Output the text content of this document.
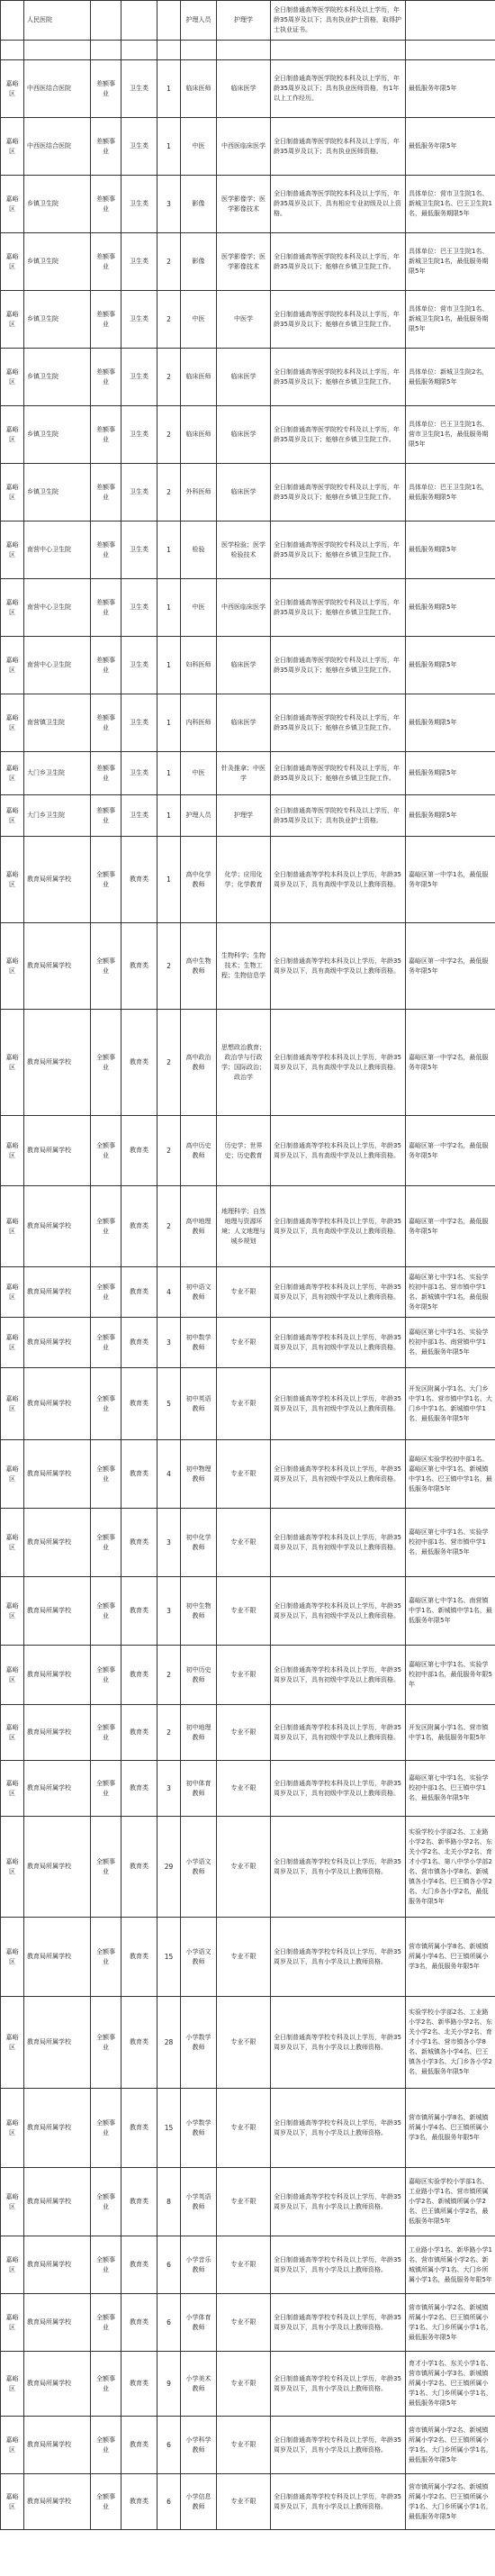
	人民医院				护理人员	护理学	全日制普通高等医学院校本科及以上学历，年龄35周岁及以下；具有执业护士资格，取得护士执业证书。	

嘉峪区	中西医结合医院	差额事业	卫生类	1	临床医师	临床医学	全日制普通高等医学院校本科及以上学历，年龄35周岁及以下；具有执业医师资格，有1年以上工作经历。	最低服务年限5年
嘉峪区	中西医结合医院	差额事业	卫生类	1	中医	中西医临床医学	全日制普通高等医学院校本科及以上学历，年龄35周岁及以下；具有执业医师资格。	最低服务年限5年
嘉峪区	乡镇卫生院	差额事业	卫生类	3	影像	医学影像学；医学影像技术	全日制普通高等医学院校本科及以上学历，年龄35周岁及以下，具有相应专业初级及以上资格。	具体单位：营市卫生院1名、新城卫生院1名、巴王卫生院1名，最低服务期限5年
嘉峪区	乡镇卫生院	差额事业	卫生类	2	影像	医学影像学；医学影像技术	全日制普通高等医学院校本科及以上学历，年龄35周岁及以下；能够在乡镇卫生院工作。	具体单位：巴王卫生院1名、新城卫生院1名，最低服务期限5年
嘉峪区	乡镇卫生院	差额事业	卫生类	2	中医	中医学	全日制普通高等医学院校本科及以上学历，年龄35周岁及以下；能够在乡镇卫生院工作。	具体单位：营市卫生院1名、新城卫生院1名，最低服务期限5年
嘉峪区	乡镇卫生院	差额事业	卫生类	2	临床医师	临床医学	全日制普通高等医学院校本科及以上学历，年龄35周岁及以下；能够在乡镇卫生院工作。	具体单位：新城卫生院2名，最低服务期限5年
嘉峪区	乡镇卫生院	差额事业	卫生类	2	临床医师	临床医学	全日制普通高等医学院校专科及以上学历，年龄35周岁及以下；能够在乡镇卫生院工作。	具体单位：巴王卫生院1名、营市卫生院1名，最低服务期限5年
嘉峪区	乡镇卫生院	差额事业	卫生类	2	外科医师	临床医学	全日制普通高等医学院校专科及以上学历，年龄35周岁及以下；能够在乡镇卫生院工作。	具体单位：巴王卫生院1名，最低服务期限5年
嘉峪区	南营中心卫生院	差额事业	卫生类	1	检验	医学检验；医学检验技术	全日制普通高等医学院校专科及以上学历，年龄35周岁及以下；能够在乡镇卫生院工作。	最低服务期限5年
嘉峪区	南营中心卫生院	差额事业	卫生类	1	中医	中西医临床医学	全日制普通高等医学院校专科及以上学历，年龄35周岁及以下；能够在乡镇卫生院工作。	最低服务期限5年
嘉峪区	南营中心卫生院	差额事业	卫生类	1	妇科医师	临床医学	全日制普通高等医学院校专科及以上学历，年龄35周岁及以下；能够在乡镇卫生院工作。	最低服务期限5年
嘉峪区	南营镇卫生院	差额事业	卫生类	1	内科医师	临床医学	全日制普通高等医学院校专科及以上学历，年龄35周岁及以下；能够在乡镇卫生院工作。	最低服务期限5年
嘉峪区	大门乡卫生院	差额事业	卫生类	1	中医	针灸推拿；中医学	全日制普通高等医学院校专科及以上学历，年龄35周岁及以下；能够在乡镇卫生院工作。	最低服务期限5年
嘉峪区	大门乡卫生院	差额事业	卫生类	1	护理人员	护理学	全日制普通高等医学院校专科及以上学历，年龄35周岁及以下；具有执业护士资格。	最低服务期限5年
嘉峪区	教育局所属学校	全额事业	教育类	1	高中化学教师	化学；应用化学；化学教育	全日制普通高等学校本科及以上学历，年龄35周岁及以下，具有高级中学及以上教师资格。	嘉峪区第一中学1名，最低服务年限5年
嘉峪区	教育局所属学校	全额事业	教育类	2	高中生物教师	生物科学；生物技术；生物工程；生物信息学	全日制普通高等学校本科及以上学历，年龄35周岁及以下，具有高级中学及以上教师资格。	嘉峪区第一中学2名，最低服务年限5年
嘉峪区	教育局所属学校	全额事业	教育类	2	高中政治教师	思想政治教育；政治学与行政学；国际政治；政治学	全日制普通高等学校本科及以上学历，年龄35周岁及以下，具有高级中学及以上教师资格。	嘉峪区第一中学2名，最低服务年限5年
嘉峪区	教育局所属学校	全额事业	教育类	2	高中历史教师	历史学；世界史；历史教育	全日制普通高等学校本科及以上学历，年龄35周岁及以下，具有高级中学及以上教师资格。	嘉峪区第一中学2名，最低服务年限5年
嘉峪区	教育局所属学校	全额事业	教育类	2	高中地理教师	地理科学；自然地理与资源环境；人文地理与城乡规划	全日制普通高等学校本科及以上学历，年龄35周岁及以下，具有高级中学及以上教师资格。	嘉峪区第一中学2名，最低服务年限5年
嘉峪区	教育局所属学校	全额事业	教育类	4	初中语文教师	专业不限	全日制普通高等学校本科及以上学历，年龄35周岁及以下，具有初级中学及以上教师资格。	嘉峪区第七中学1名、实验学校初中部1名、营市镇中学1名、新城镇中学1名，最低服务年限5年
嘉峪区	教育局所属学校	全额事业	教育类	3	初中数学教师	专业不限	全日制普通高等学校本科及以上学历，年龄35周岁及以下，具有初级中学及以上教师资格。	嘉峪区第七中学1名、实验学校初中部1名、南营镇中学1名，最低服务年限5年
嘉峪区	教育局所属学校	全额事业	教育类	5	初中英语教师	专业不限	全日制普通高等学校本科及以上学历，年龄35周岁及以下，具有初级中学及以上教师资格。	开发区附属小学1名、大门乡中学1名、营市镇中学1名、大门乡中学1名、新城镇中学1名，最低服务年限5年
嘉峪区	教育局所属学校	全额事业	教育类	4	初中物理教师	专业不限	全日制普通高等学校本科及以上学历，年龄35周岁及以下，具有初级中学及以上教师资格。	嘉峪区实验学校初中部1名、嘉峪区第七中学1名、新城镇中学1名、巴王镇中学1名，最低服务年限5年
嘉峪区	教育局所属学校	全额事业	教育类	3	初中化学教师	专业不限	全日制普通高等学校本科及以上学历，年龄35周岁及以下，具有初级中学及以上教师资格。	嘉峪区第七中学1名、实验学校初中部1名、营市镇中学1名，最低服务年限5年
嘉峪区	教育局所属学校	全额事业	教育类	3	初中生物教师	专业不限	全日制普通高等学校本科及以上学历，年龄35周岁及以下，具有初级中学及以上教师资格。	嘉峪区第七中学1名、南营镇中学1名、新城镇中学1名，最低服务年限5年
嘉峪区	教育局所属学校	全额事业	教育类	2	初中历史教师	专业不限	全日制普通高等学校本科及以上学历，年龄35周岁及以下，具有初级中学及以上教师资格。	嘉峪区第七中学1名、实验学校初中部1名，最低服务年限5年
嘉峪区	教育局所属学校	全额事业	教育类	2	初中地理教师	专业不限	全日制普通高等学校本科及以上学历，年龄35周岁及以下，具有初级中学及以上教师资格。	开发区附属小学1名、营市镇中学1名，最低服务年限5年
嘉峪区	教育局所属学校	全额事业	教育类	3	初中体育教师	专业不限	全日制普通高等学校本科及以上学历，年龄35周岁及以下，具有初级中学及以上教师资格。	嘉峪区第七中学1名、实验学校初中部1名、巴王镇中学1名，最低服务年限5年
嘉峪区	教育局所属学校	全额事业	教育类	29	小学语文教师	专业不限	全日制普通高等学校专科及以上学历，年龄35周岁及以下，具有小学及以上教师资格。	实验学校小学部2名、工业路小学2名、新华路小学2名、东关小学2名、北关小学2名、育才小学1名、第八中学小学部2名、营市镇各小学8名、新城镇各小学4名、巴王镇各小学2名、大门乡各小学2名，最低服务年限5年
嘉峪区	教育局所属学校	全额事业	教育类	15	小学语文教师	专业不限	全日制普通高等学校专科及以上学历，年龄35周岁及以下，具有小学及以上教师资格。	营市镇所属小学8名、新城镇所属小学4名、巴王镇所属小学3名，最低服务年限5年
嘉峪区	教育局所属学校	全额事业	教育类	28	小学数学教师	专业不限	全日制普通高等学校专科及以上学历，年龄35周岁及以下，具有小学及以上教师资格。	实验学校小学部2名、工业路小学2名、新华路小学2名、东关小学2名、北关小学2名、育才小学1名、营市镇各小学8名、新城镇各小学4名、巴王镇各小学3名、大门乡各小学2名，最低服务年限5年
嘉峪区	教育局所属学校	全额事业	教育类	15	小学数学教师	专业不限	全日制普通高等学校专科及以上学历，年龄35周岁及以下，具有小学及以上教师资格。	营市镇所属小学8名、新城镇所属小学4名、巴王镇所属小学3名，最低服务年限5年
嘉峪区	教育局所属学校	全额事业	教育类	8	小学英语教师	专业不限	全日制普通高等学校专科及以上学历，年龄35周岁及以下，具有小学及以上教师资格。	嘉峪区实验学校小学部1名、工业路小学1名、营市镇所属小学2名、新城镇所属小学2名、巴王镇所属小学2名，最低服务年限5年
嘉峪区	教育局所属学校	全额事业	教育类	6	小学音乐教师	专业不限	全日制普通高等学校专科及以上学历，年龄35周岁及以下，具有小学及以上教师资格。	工业路小学1名、新华路小学1名、营市镇所属小学2名、新城镇所属小学1名、大门乡所属小学1名，最低服务年限5年
嘉峪区	教育局所属学校	全额事业	教育类	6	小学体育教师	专业不限	全日制普通高等学校专科及以上学历，年龄35周岁及以下，具有小学及以上教师资格。	营市镇所属小学2名、新城镇所属小学2名、巴王镇所属小学1名、大门乡所属小学1名，最低服务年限5年
嘉峪区	教育局所属学校	全额事业	教育类	9	小学美术教师	专业不限	全日制普通高等学校专科及以上学历，年龄35周岁及以下，具有小学及以上教师资格。	育才小学1名、东关小学1名、营市镇所属小学3名、新城镇所属小学2名、巴王镇所属小学1名、大门乡所属小学1名，最低服务年限5年
嘉峪区	教育局所属学校	全额事业	教育类	6	小学科学教师	专业不限	全日制普通高等学校专科及以上学历，年龄35周岁及以下，具有小学及以上教师资格。	营市镇所属小学2名、新城镇所属小学2名、巴王镇所属小学1名、大门乡所属小学1名，最低服务年限5年
嘉峪区	教育局所属学校	全额事业	教育类	6	小学信息教师	专业不限	全日制普通高等学校专科及以上学历，年龄35周岁及以下，具有小学及以上教师资格。	营市镇所属小学2名、新城镇所属小学2名、巴王镇所属小学1名、大门乡所属小学1名，最低服务年限5年
